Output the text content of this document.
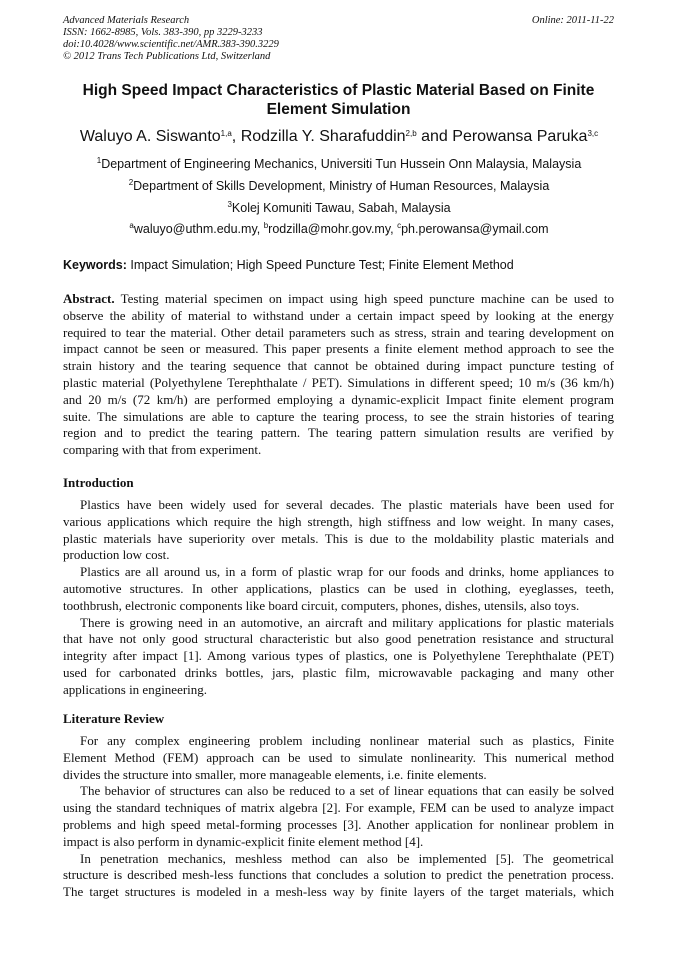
Advanced Materials Research
ISSN: 1662-8985, Vols. 383-390, pp 3229-3233
doi:10.4028/www.scientific.net/AMR.383-390.3229
© 2012 Trans Tech Publications Ltd, Switzerland
Online: 2011-11-22
High Speed Impact Characteristics of Plastic Material Based on Finite
Element Simulation
Waluyo A. Siswanto$^{1,a}$, Rodzilla Y. Sharafuddin$^{2,b}$ and Perowansa Paruka$^{3,c}$
$^1$Department of Engineering Mechanics, Universiti Tun Hussein Onn Malaysia, Malaysia
$^2$Department of Skills Development, Ministry of Human Resources, Malaysia
$^3$Kolej Komuniti Tawau, Sabah, Malaysia
$^a$waluyo@uthm.edu.my, $^b$rodzilla@mohr.gov.my, $^c$ph.perowansa@ymail.com
Keywords: Impact Simulation; High Speed Puncture Test; Finite Element Method
Abstract. Testing material specimen on impact using high speed puncture machine can be used to
observe the ability of material to withstand under a certain impact speed by looking at the energy
required to tear the material. Other detail parameters such as stress, strain and tearing development on
impact cannot be seen or measured. This paper presents a finite element method approach to see the
strain history and the tearing sequence that cannot be obtained during impact puncture testing of
plastic material (Polyethylene Terephthalate / PET). Simulations in different speed; 10 m/s (36 km/h)
and 20 m/s (72 km/h) are performed employing a dynamic-explicit Impact finite element program
suite. The simulations are able to capture the tearing process, to see the strain histories of tearing
region and to predict the tearing pattern. The tearing pattern simulation results are verified by
comparing with that from experiment.
Introduction
Plastics have been widely used for several decades. The plastic materials have been used for
various applications which require the high strength, high stiffness and low weight. In many cases,
plastic materials have superiority over metals. This is due to the moldability plastic materials and
production low cost.
Plastics are all around us, in a form of plastic wrap for our foods and drinks, home appliances to
automotive structures. In other applications, plastics can be used in clothing, eyeglasses, teeth,
toothbrush, electronic components like board circuit, computers, phones, dishes, utensils, also toys.
There is growing need in an automotive, an aircraft and military applications for plastic materials
that have not only good structural characteristic but also good penetration resistance and structural
integrity after impact [1]. Among various types of plastics, one is Polyethylene Terephthalate (PET)
used for carbonated drinks bottles, jars, plastic film, microwavable packaging and many other
applications in engineering.
Literature Review
For any complex engineering problem including nonlinear material such as plastics, Finite
Element Method (FEM) approach can be used to simulate nonlinearity. This numerical method
divides the structure into smaller, more manageable elements, i.e. finite elements.
The behavior of structures can also be reduced to a set of linear equations that can easily be solved
using the standard techniques of matrix algebra [2]. For example, FEM can be used to analyze impact
problems and high speed metal-forming processes [3]. Another application for nonlinear problem in
impact is also perform in dynamic-explicit finite element method [4].
In penetration mechanics, meshless method can also be implemented [5]. The geometrical
structure is described mesh-less functions that concludes a solution to predict the penetration process.
The target structures is modeled in a mesh-less way by finite layers of the target materials, which
